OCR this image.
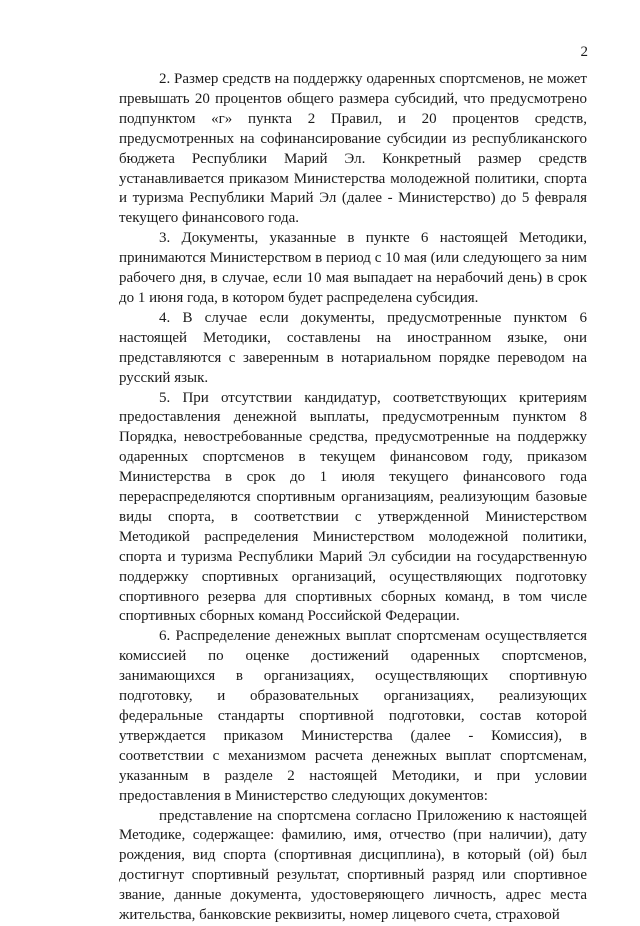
2

2. Размер средств на поддержку одаренных спортсменов, не может превышать 20 процентов общего размера субсидий, что предусмотрено подпунктом «г» пункта 2 Правил, и 20 процентов средств, предусмотренных на софинансирование субсидии из республиканского бюджета Республики Марий Эл. Конкретный размер средств устанавливается приказом Министерства молодежной политики, спорта и туризма Республики Марий Эл (далее - Министерство) до 5 февраля текущего финансового года.

3. Документы, указанные в пункте 6 настоящей Методики, принимаются Министерством в период с 10 мая (или следующего за ним рабочего дня, в случае, если 10 мая выпадает на нерабочий день) в срок до 1 июня года, в котором будет распределена субсидия.

4. В случае если документы, предусмотренные пунктом 6 настоящей Методики, составлены на иностранном языке, они представляются с заверенным в нотариальном порядке переводом на русский язык.

5. При отсутствии кандидатур, соответствующих критериям предоставления денежной выплаты, предусмотренным пунктом 8 Порядка, невостребованные средства, предусмотренные на поддержку одаренных спортсменов в текущем финансовом году, приказом Министерства в срок до 1 июля текущего финансового года перераспределяются спортивным организациям, реализующим базовые виды спорта, в соответствии с утвержденной Министерством Методикой распределения Министерством молодежной политики, спорта и туризма Республики Марий Эл субсидии на государственную поддержку спортивных организаций, осуществляющих подготовку спортивного резерва для спортивных сборных команд, в том числе спортивных сборных команд Российской Федерации.

6. Распределение денежных выплат спортсменам осуществляется комиссией по оценке достижений одаренных спортсменов, занимающихся в организациях, осуществляющих спортивную подготовку, и образовательных организациях, реализующих федеральные стандарты спортивной подготовки, состав которой утверждается приказом Министерства (далее - Комиссия), в соответствии с механизмом расчета денежных выплат спортсменам, указанным в разделе 2 настоящей Методики, и при условии предоставления в Министерство следующих документов:

представление на спортсмена согласно Приложению к настоящей Методике, содержащее: фамилию, имя, отчество (при наличии), дату рождения, вид спорта (спортивная дисциплина), в который (ой) был достигнут спортивный результат, спортивный разряд или спортивное звание, данные документа, удостоверяющего личность, адрес места жительства, банковские реквизиты, номер лицевого счета, страховой
